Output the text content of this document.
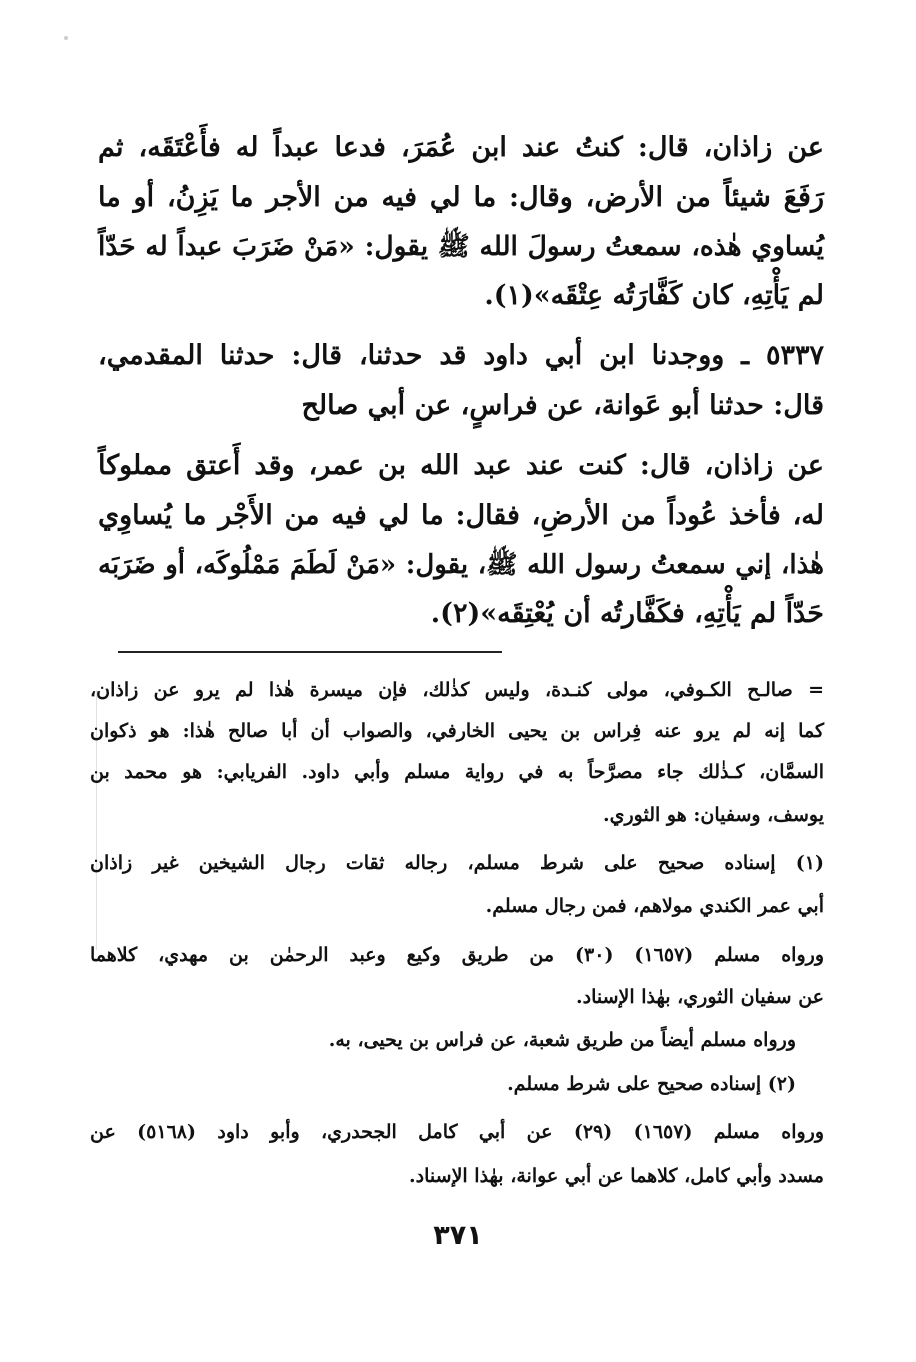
عن زاذان، قال: كنتُ عند ابن عُمَرَ، فدعا عبداً له فأَعْتَقَه، ثم
رَفَعَ شيئاً من الأرض، وقال: ما لي فيه من الأجر ما يَزِنُ، أو ما
يُساوي هٰذه، سمعتُ رسولَ الله ﷺ يقول: «مَنْ ضَرَبَ عبداً له حَدّاً
لم يَأْتِهِ، كان كَفَّارَتُه عِتْقَه»(١).
٥٣٣٧ ـ ووجدنا ابن أبي داود قد حدثنا، قال: حدثنا المقدمي،
قال: حدثنا أبو عَوانة، عن فراسٍ، عن أبي صالح
عن زاذان، قال: كنت عند عبد الله بن عمر، وقد أَعتق مملوكاً
له، فأخذ عُوداً من الأرضِ، فقال: ما لي فيه من الأَجْر ما يُساوِي
هٰذا، إني سمعتُ رسول الله ﷺ، يقول: «مَنْ لَطَمَ مَمْلُوكَه، أو ضَرَبَه
حَدّاً لم يَأْتِهِ، فكَفَّارتُه أن يُعْتِقَه»(٢).
= صالـح الكـوفي، مولى كنـدة، وليس كذٰلك، فإن ميسرة هٰذا لم يرو عن زاذان،
كما إنه لم يرو عنه فِراس بن يحيى الخارفي، والصواب أن أبا صالح هٰذا: هو ذكوان
السمَّان، كـذٰلك جاء مصرَّحاً به في رواية مسلم وأبي داود. الفريابي: هو محمد بن
يوسف، وسفيان: هو الثوري.
(١) إسناده صحيح على شرط مسلم، رجاله ثقات رجال الشيخين غير زاذان
أبي عمر الكندي مولاهم، فمن رجال مسلم.
ورواه مسلم (١٦٥٧) (٣٠) من طريق وكيع وعبد الرحمٰن بن مهدي، كلاهما
عن سفيان الثوري، بهٰذا الإسناد.
ورواه مسلم أيضاً من طريق شعبة، عن فراس بن يحيى، به.
(٢) إسناده صحيح على شرط مسلم.
ورواه مسلم (١٦٥٧) (٢٩) عن أبي كامل الجحدري، وأبو داود (٥١٦٨) عن
مسدد وأبي كامل، كلاهما عن أبي عوانة، بهٰذا الإسناد.
٣٧١
